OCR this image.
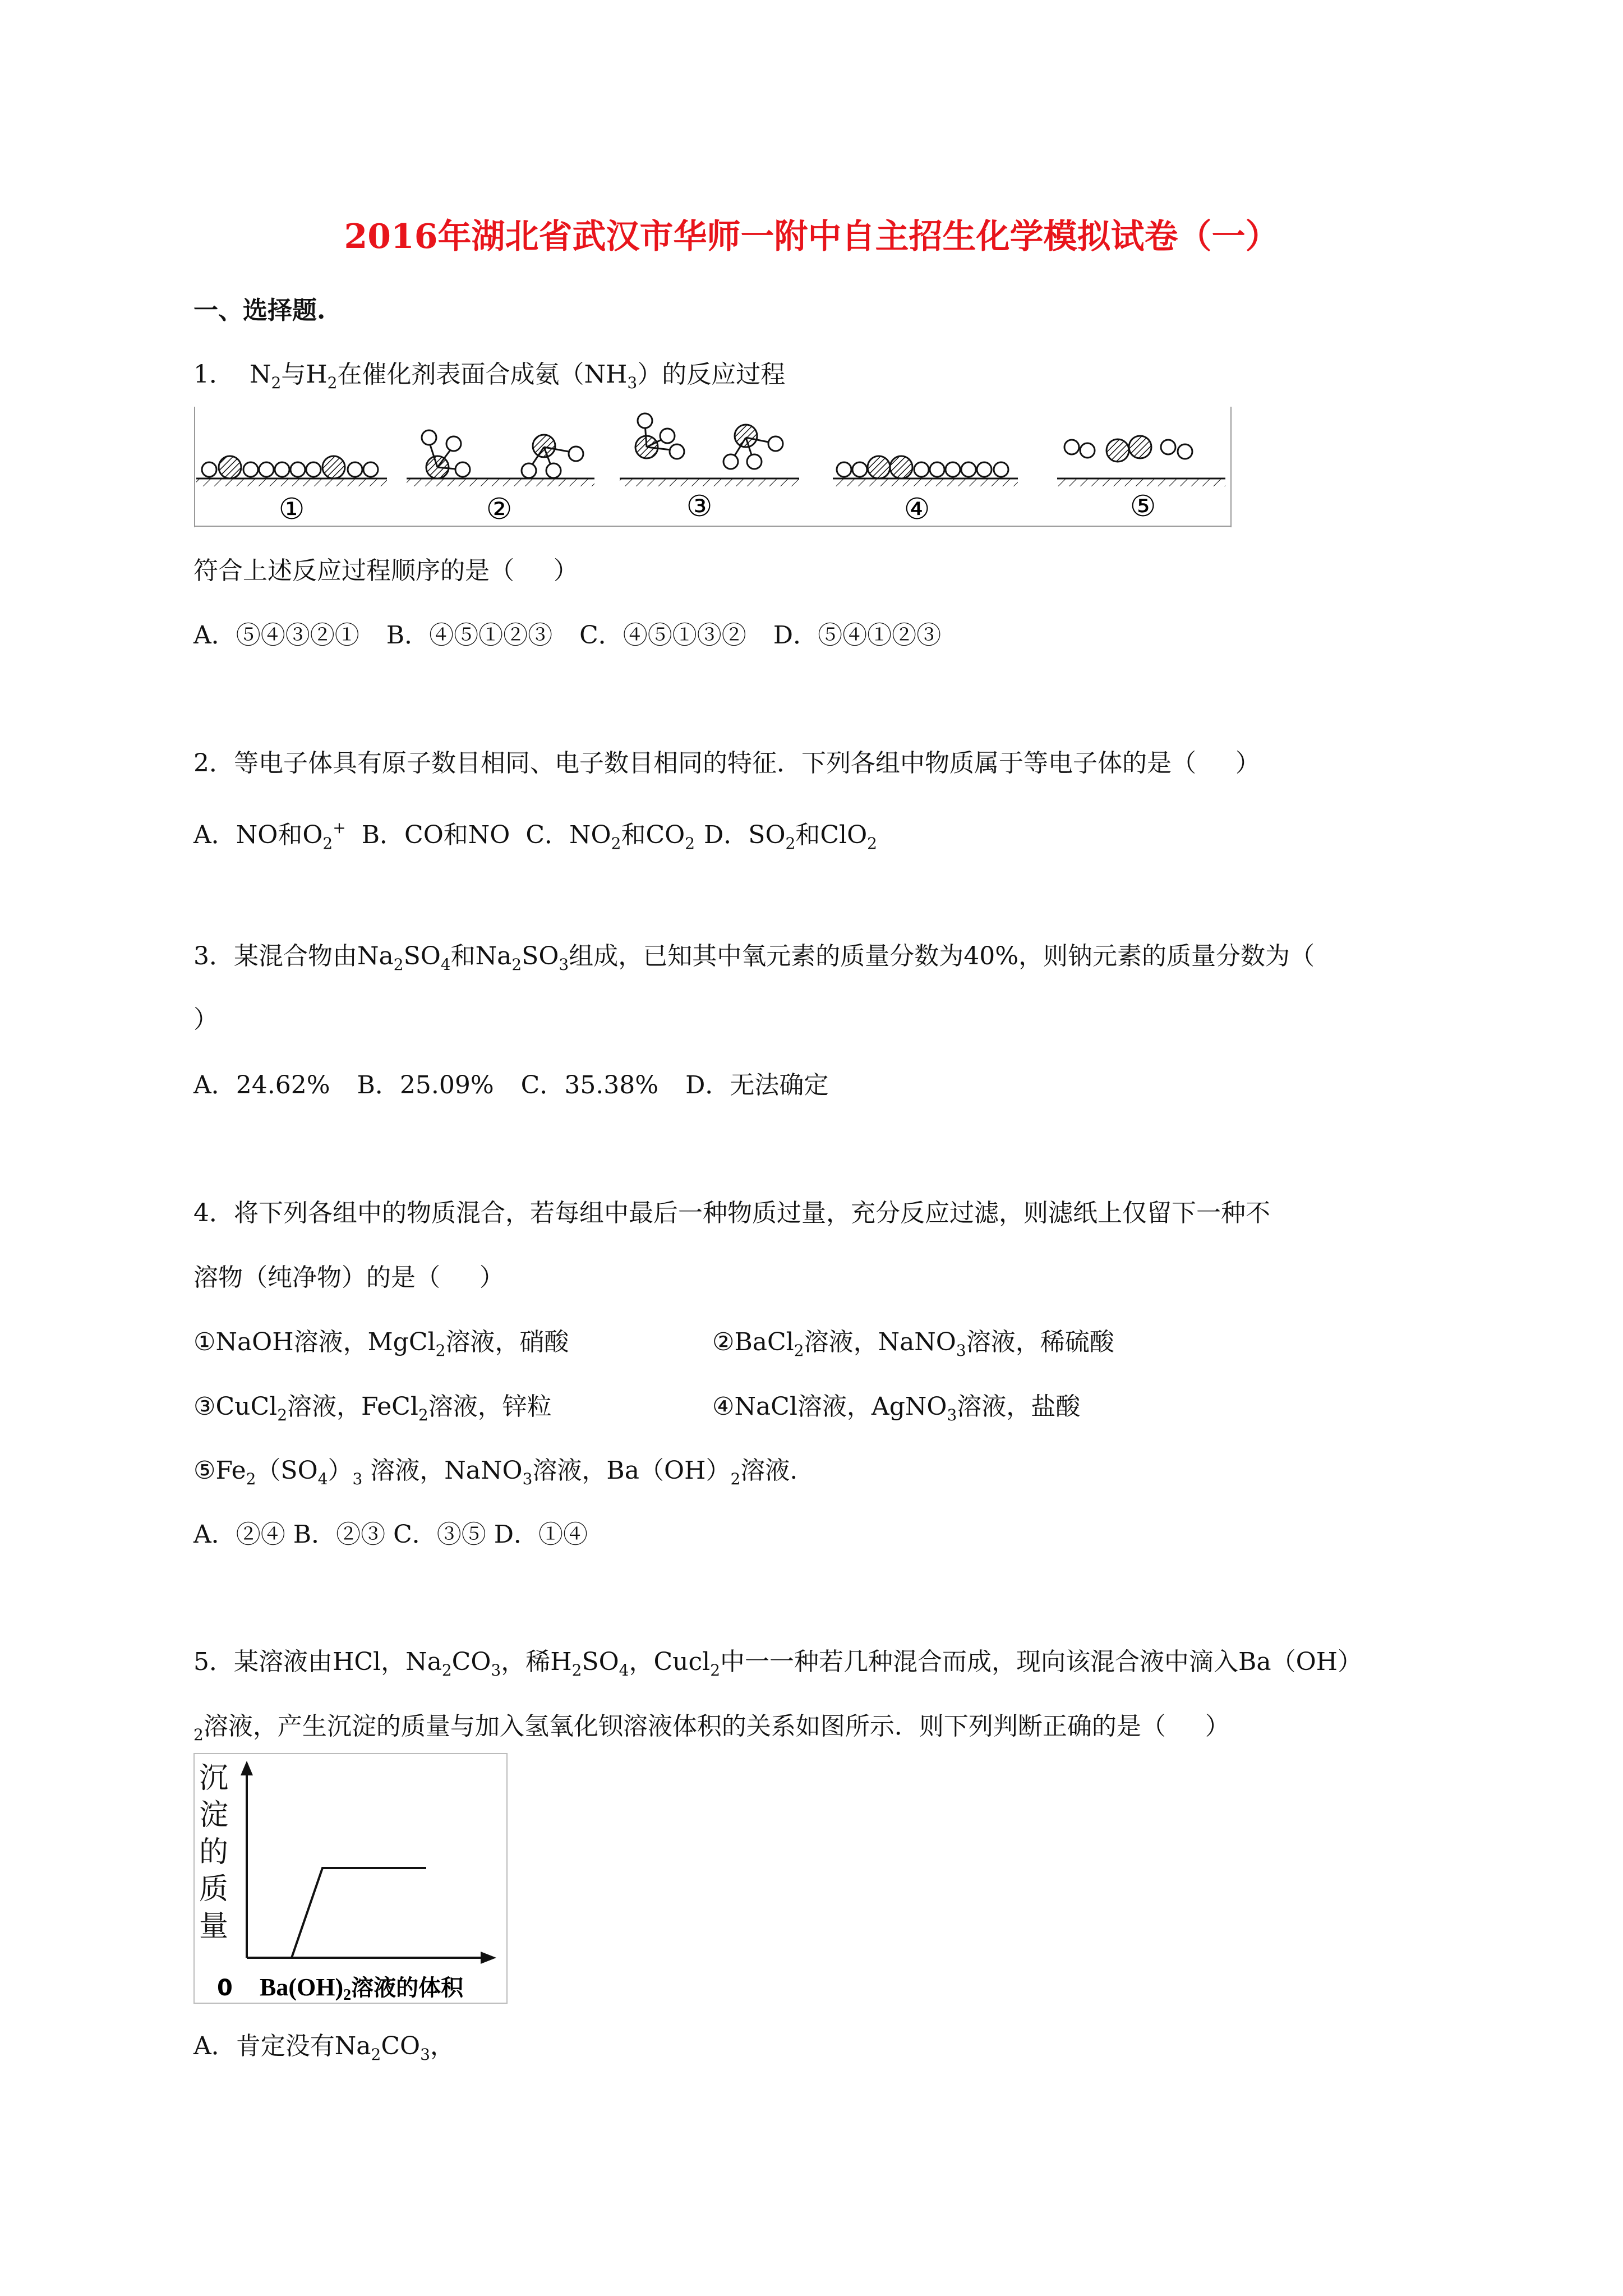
2016年湖北省武汉市华师一附中自主招生化学模拟试卷（一）
一、选择题.
1．  $N_2$与$H_2$在催化剂表面合成氨$(NH_3)$的反应过程
①	②	③	④	⑤
符合上述反应过程顺序的是（     ）
A．⑤④③②① B．④⑤①②③ C．④⑤①③② D．⑤④①②③
2．等电子体具有原子数目相同、电子数目相同的特征．下列各组中物质属于等电子体的是（     ）
A．NO和$O_2^+$ B．CO和NO C．$NO_2$和$CO_2$ D．$SO_2$和ClO$_2$
3．某混合物由$Na_2SO_4$和$Na_2SO_3$组成，已知其中氧元素的质量分数为40%，则钠元素的质量分数为（
）
A．24.62% B．25.09% C．35.38% D．无法确定
4．将下列各组中的物质混合，若每组中最后一种物质过量，充分反应过滤，则滤纸上仅留下一种不
溶物（纯净物）的是（     ）
①NaOH溶液，MgCl$_2$溶液，硝酸	②BaCl$_2$溶液，NaNO$_3$溶液，稀硫酸
③CuCl$_2$溶液，FeCl$_2$溶液，锌粒	④NaCl溶液，AgNO$_3$溶液，盐酸
$⑤Fe_2(SO_4)_3$ 溶液，NaNO$_3$溶液，$Ba(OH)_2$溶液.
A．②④ B．②③ C．③⑤ D．①④
5．某溶液由HCl，$Na_2CO_3$，稀$H_2SO_4$，Cucl$_2$中一一种若几种混合而成，现向该混合液中滴入Ba（OH）
$_2$溶液，产生沉淀的质量与加入氢氧化钡溶液体积的关系如图所示．则下列判断正确的是（     ）
沉
淀
的
质
量
0 Ba(OH)2溶液的体积
A．肯定没有$Na_2CO_3$，
